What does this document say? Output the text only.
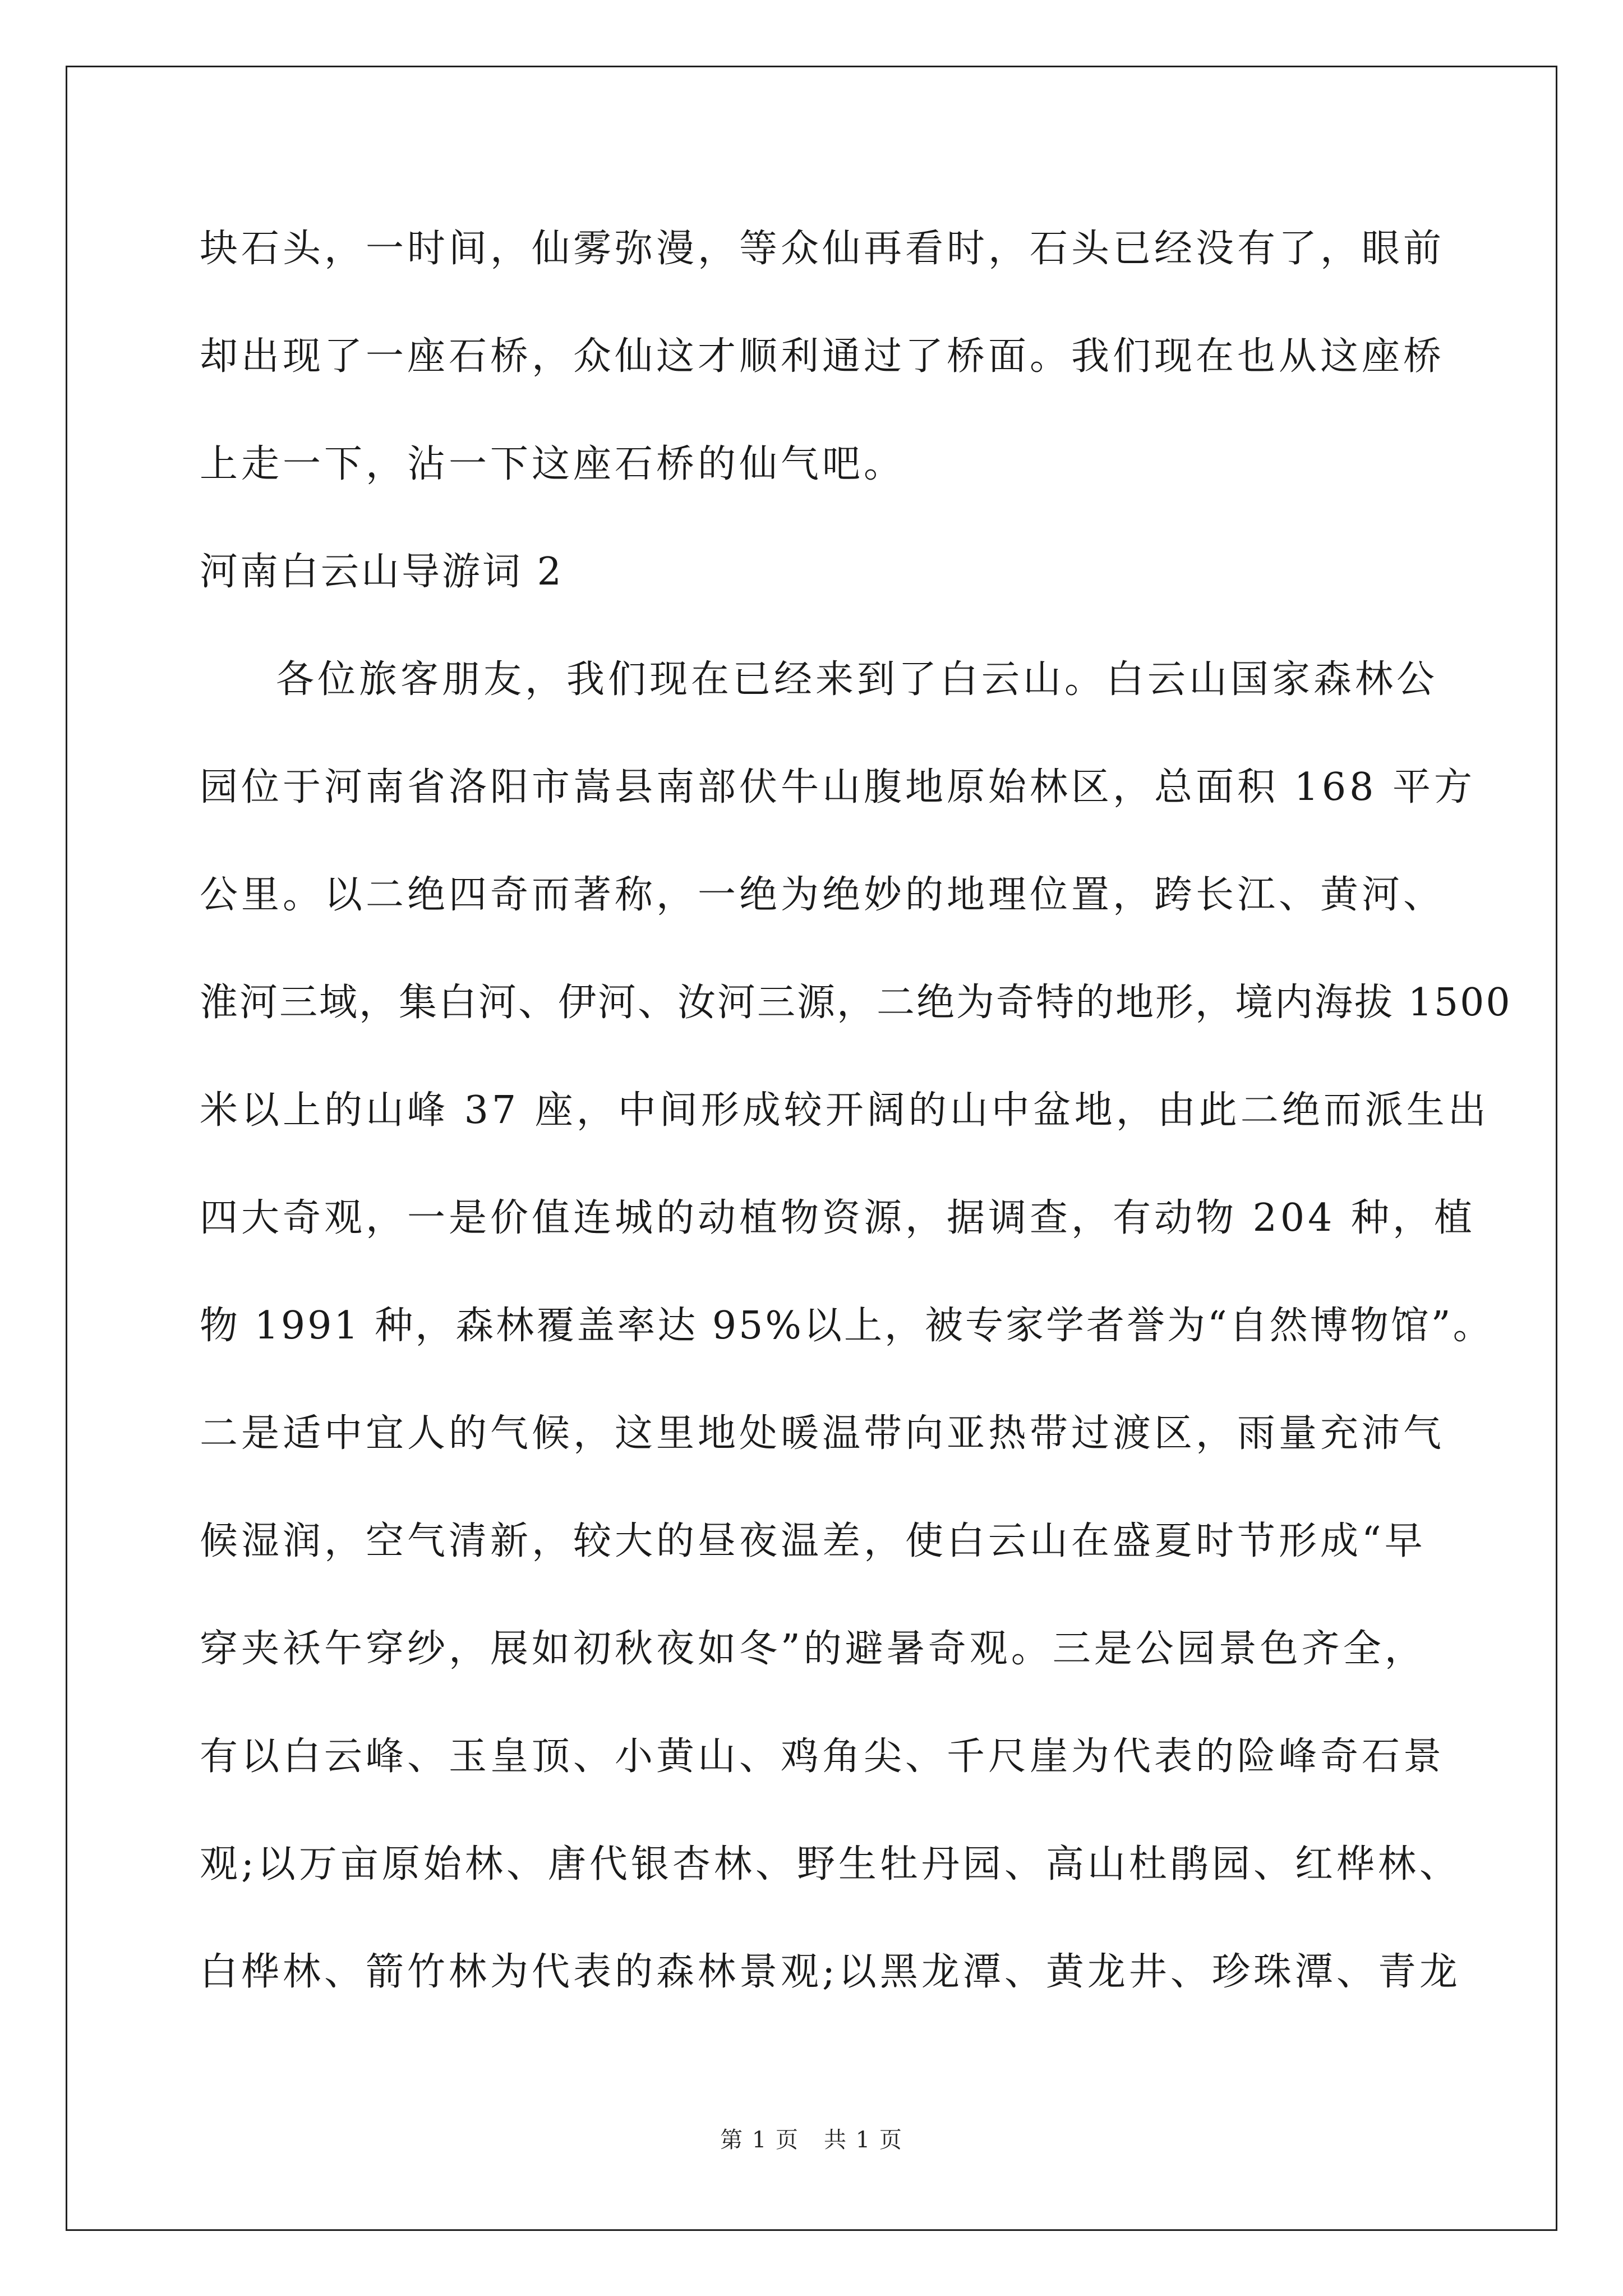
块石头，一时间，仙雾弥漫，等众仙再看时，石头已经没有了，眼前
却出现了一座石桥，众仙这才顺利通过了桥面。我们现在也从这座桥
上走一下，沾一下这座石桥的仙气吧。
河南白云山导游词 2
各位旅客朋友，我们现在已经来到了白云山。白云山国家森林公
园位于河南省洛阳市嵩县南部伏牛山腹地原始林区，总面积 168 平方
公里。以二绝四奇而著称，一绝为绝妙的地理位置，跨长江、黄河、
淮河三域，集白河、伊河、汝河三源，二绝为奇特的地形，境内海拔 1500
米以上的山峰 37 座，中间形成较开阔的山中盆地，由此二绝而派生出
四大奇观，一是价值连城的动植物资源，据调查，有动物 204 种，植
物 1991 种，森林覆盖率达 95%以上，被专家学者誉为“自然博物馆”。
二是适中宜人的气候，这里地处暖温带向亚热带过渡区，雨量充沛气
候湿润，空气清新，较大的昼夜温差，使白云山在盛夏时节形成“早
穿夹袄午穿纱，展如初秋夜如冬”的避暑奇观。三是公园景色齐全，
有以白云峰、玉皇顶、小黄山、鸡角尖、千尺崖为代表的险峰奇石景
观;以万亩原始林、唐代银杏林、野生牡丹园、高山杜鹃园、红桦林、
白桦林、箭竹林为代表的森林景观;以黑龙潭、黄龙井、珍珠潭、青龙
第 1 页 共 1 页
